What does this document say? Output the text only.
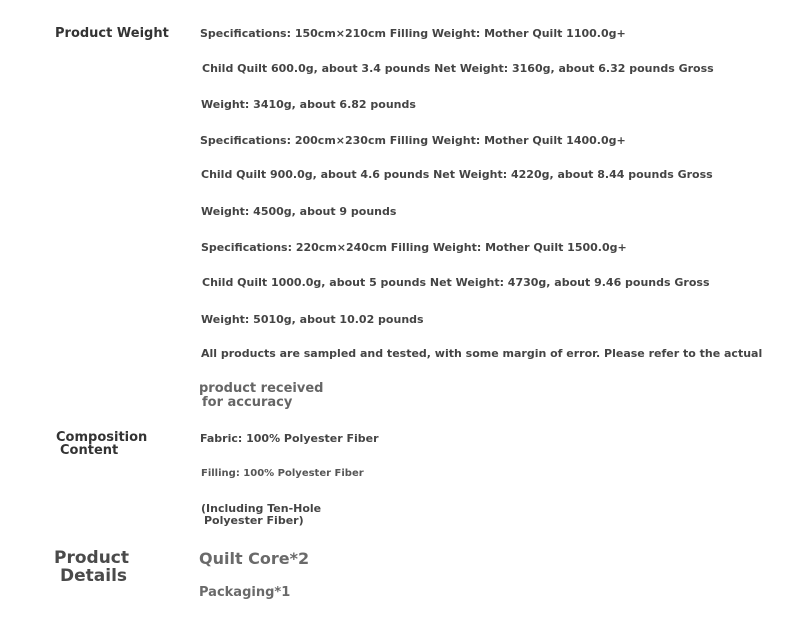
Product Weight	Specifications: 150cm×210cm Filling Weight: Mother Quilt 1100.0g+
Child Quilt 600.0g, about 3.4 pounds Net Weight: 3160g, about 6.32 pounds Gross
Weight: 3410g, about 6.82 pounds
Specifications: 200cm×230cm Filling Weight: Mother Quilt 1400.0g+
Child Quilt 900.0g, about 4.6 pounds Net Weight: 4220g, about 8.44 pounds Gross
Weight: 4500g, about 9 pounds
Specifications: 220cm×240cm Filling Weight: Mother Quilt 1500.0g+
Child Quilt 1000.0g, about 5 pounds Net Weight: 4730g, about 9.46 pounds Gross
Weight: 5010g, about 10.02 pounds
All products are sampled and tested, with some margin of error. Please refer to the actual
product received
for accuracy
Composition
Content
Fabric: 100% Polyester Fiber
Filling: 100% Polyester Fiber
(Including Ten-Hole
Polyester Fiber)
Product
Details
Quilt Core*2
Packaging*1
